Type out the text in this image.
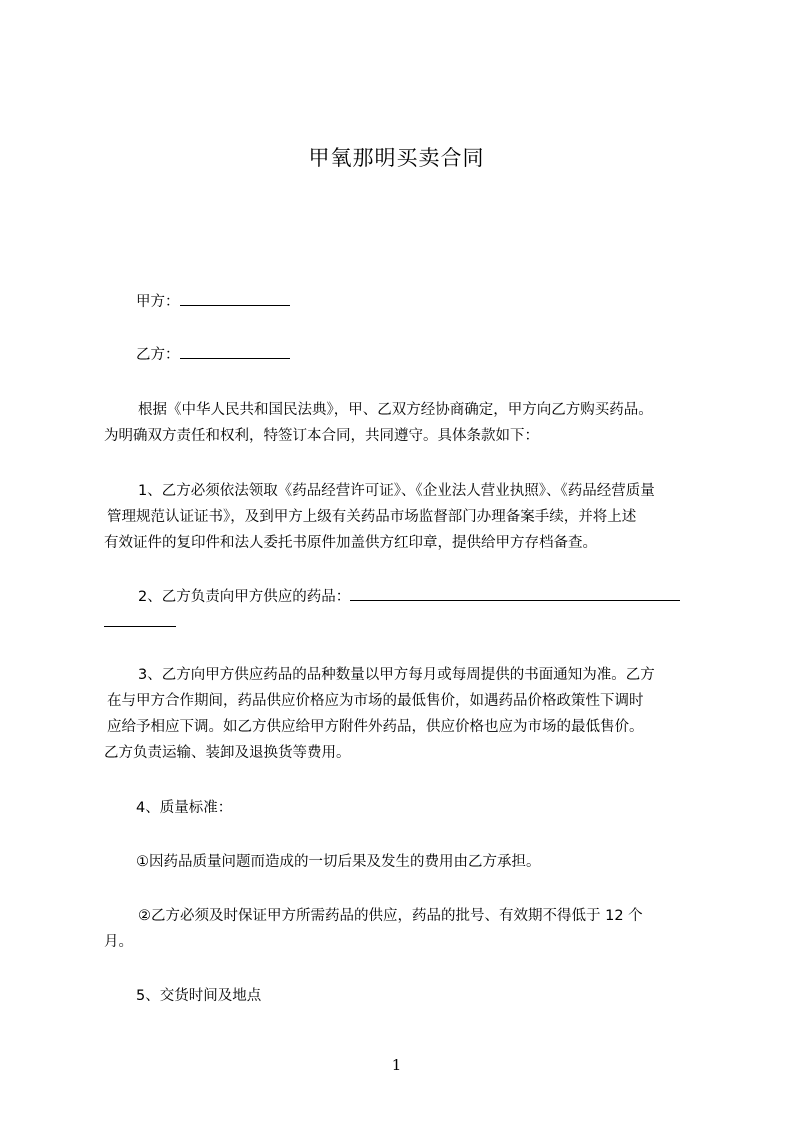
甲氧那明买卖合同
甲方：
乙方：
根据《中华人民共和国民法典》，甲、乙双方经协商确定，甲方向乙方购买药品。
为明确双方责任和权利，特签订本合同，共同遵守。具体条款如下：
1、乙方必须依法领取《药品经营许可证》、《企业法人营业执照》、《药品经营质量
管理规范认证证书》，及到甲方上级有关药品市场监督部门办理备案手续，并将上述
有效证件的复印件和法人委托书原件加盖供方红印章，提供给甲方存档备查。
2、乙方负责向甲方供应的药品：
3、乙方向甲方供应药品的品种数量以甲方每月或每周提供的书面通知为准。乙方
在与甲方合作期间，药品供应价格应为市场的最低售价，如遇药品价格政策性下调时
应给予相应下调。如乙方供应给甲方附件外药品，供应价格也应为市场的最低售价。
乙方负责运输、装卸及退换货等费用。
4、质量标准：
①因药品质量问题而造成的一切后果及发生的费用由乙方承担。
②乙方必须及时保证甲方所需药品的供应，药品的批号、有效期不得低于 12 个
月。
5、交货时间及地点
1
